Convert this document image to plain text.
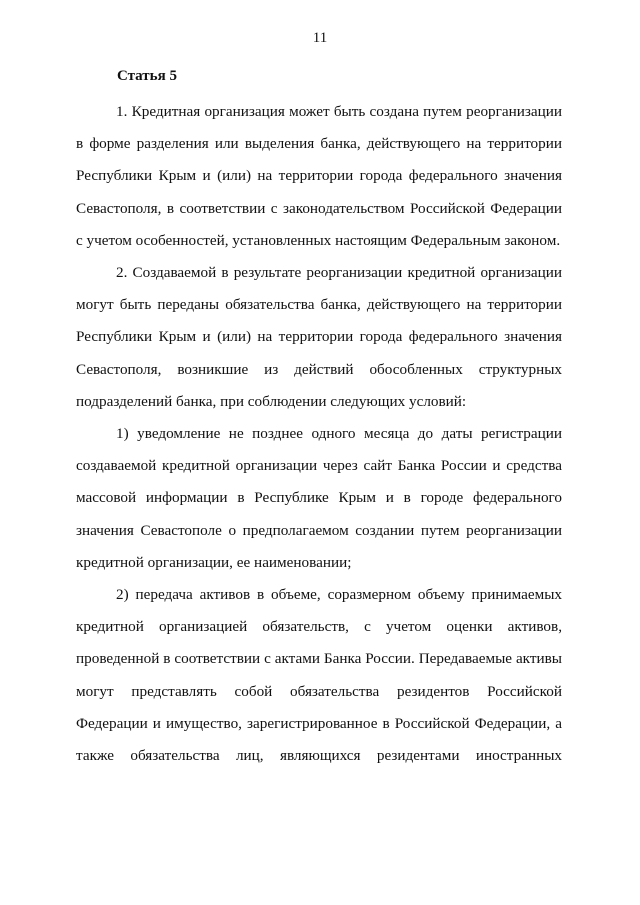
11
Статья 5

1. Кредитная организация может быть создана путем реорганизации в форме разделения или выделения банка, действующего на территории Республики Крым и (или) на территории города федерального значения Севастополя, в соответствии с законодательством Российской Федерации с учетом особенностей, установленных настоящим Федеральным законом.

2. Создаваемой в результате реорганизации кредитной организации могут быть переданы обязательства банка, действующего на территории Республики Крым и (или) на территории города федерального значения Севастополя, возникшие из действий обособленных структурных подразделений банка, при соблюдении следующих условий:

1) уведомление не позднее одного месяца до даты регистрации создаваемой кредитной организации через сайт Банка России и средства массовой информации в Республике Крым и в городе федерального значения Севастополе о предполагаемом создании путем реорганизации кредитной организации, ее наименовании;

2) передача активов в объеме, соразмерном объему принимаемых кредитной организацией обязательств, с учетом оценки активов, проведенной в соответствии с актами Банка России. Передаваемые активы могут представлять собой обязательства резидентов Российской Федерации и имущество, зарегистрированное в Российской Федерации, а также обязательства лиц, являющихся резидентами иностранных
